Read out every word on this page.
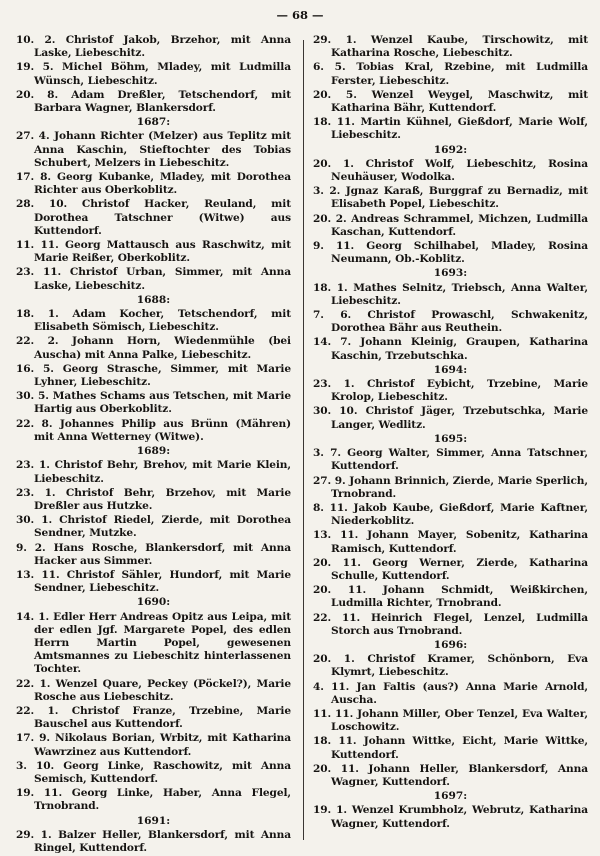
— 68 —
10. 2. Christof Jakob, Brzehor, mit Anna Laske, Liebeschitz.
19. 5. Michel Böhm, Mladey, mit Ludmilla Wünsch, Liebeschitz.
20. 8. Adam Dreßler, Tetschendorf, mit Barbara Wagner, Blankersdorf.
1687:
27. 4. Johann Richter (Melzer) aus Teplitz mit Anna Kaschin, Stieftochter des Tobias Schubert, Melzers in Liebeschitz.
17. 8. Georg Kubanke, Mladey, mit Dorothea Richter aus Oberkoblitz.
28. 10. Christof Hacker, Reuland, mit Dorothea Tatschner (Witwe) aus Kuttendorf.
11. 11. Georg Mattausch aus Raschwitz, mit Marie Reißer, Oberkoblitz.
23. 11. Christof Urban, Simmer, mit Anna Laske, Liebeschitz.
1688:
18. 1. Adam Kocher, Tetschendorf, mit Elisabeth Sömisch, Liebeschitz.
22. 2. Johann Horn, Wiedenmühle (bei Auscha) mit Anna Palke, Liebeschitz.
16. 5. Georg Strasche, Simmer, mit Marie Lyhner, Liebeschitz.
30. 5. Mathes Schams aus Tetschen, mit Marie Hartig aus Oberkoblitz.
22. 8. Johannes Philip aus Brünn (Mähren) mit Anna Wetterney (Witwe).
1689:
23. 1. Christof Behr, Brehov, mit Marie Klein, Liebeschitz.
23. 1. Christof Behr, Brzehov, mit Marie Dreßler aus Hutzke.
30. 1. Christof Riedel, Zierde, mit Dorothea Sendner, Mutzke.
9. 2. Hans Rosche, Blankersdorf, mit Anna Hacker aus Simmer.
13. 11. Christof Sähler, Hundorf, mit Marie Sendner, Liebeschitz.
1690:
14. 1. Edler Herr Andreas Opitz aus Leipa, mit der edlen Jgf. Margarete Popel, des edlen Herrn Martin Popel, gewesenen Amtsmannes zu Liebeschitz hinterlassenen Tochter.
22. 1. Wenzel Quare, Peckey (Pöckel?), Marie Rosche aus Liebeschitz.
22. 1. Christof Franze, Trzebine, Marie Bauschel aus Kuttendorf.
17. 9. Nikolaus Borian, Wrbitz, mit Katharina Wawrzinez aus Kuttendorf.
3. 10. Georg Linke, Raschowitz, mit Anna Semisch, Kuttendorf.
19. 11. Georg Linke, Haber, Anna Flegel, Trnobrand.
1691:
29. 1. Balzer Heller, Blankersdorf, mit Anna Ringel, Kuttendorf.
29. 1. Wenzel Kaube, Tirschowitz, mit Katharina Rosche, Liebeschitz.
6. 5. Tobias Kral, Rzebine, mit Ludmilla Ferster, Liebeschitz.
20. 5. Wenzel Weygel, Maschwitz, mit Katharina Bähr, Kuttendorf.
18. 11. Martin Kühnel, Gießdorf, Marie Wolf, Liebeschitz.
1692:
20. 1. Christof Wolf, Liebeschitz, Rosina Neuhäuser, Wodolka.
3. 2. Jgnaz Karaß, Burggraf zu Bernadiz, mit Elisabeth Popel, Liebeschitz.
20. 2. Andreas Schrammel, Michzen, Ludmilla Kaschan, Kuttendorf.
9. 11. Georg Schilhabel, Mladey, Rosina Neumann, Ob.-Koblitz.
1693:
18. 1. Mathes Selnitz, Triebsch, Anna Walter, Liebeschitz.
7. 6. Christof Prowaschl, Schwakenitz, Dorothea Bähr aus Reuthein.
14. 7. Johann Kleinig, Graupen, Katharina Kaschin, Trzebutschka.
1694:
23. 1. Christof Eybicht, Trzebine, Marie Krolop, Liebeschitz.
30. 10. Christof Jäger, Trzebutschka, Marie Langer, Wedlitz.
1695:
3. 7. Georg Walter, Simmer, Anna Tatschner, Kuttendorf.
27. 9. Johann Brinnich, Zierde, Marie Sperlich, Trnobrand.
8. 11. Jakob Kaube, Gießdorf, Marie Kaftner, Niederkoblitz.
13. 11. Johann Mayer, Sobenitz, Katharina Ramisch, Kuttendorf.
20. 11. Georg Werner, Zierde, Katharina Schulle, Kuttendorf.
20. 11. Johann Schmidt, Weißkirchen, Ludmilla Richter, Trnobrand.
22. 11. Heinrich Flegel, Lenzel, Ludmilla Storch aus Trnobrand.
1696:
20. 1. Christof Kramer, Schönborn, Eva Klymrt, Liebeschitz.
4. 11. Jan Faltis (aus?) Anna Marie Arnold, Auscha.
11. 11. Johann Miller, Ober Tenzel, Eva Walter, Loschowitz.
18. 11. Johann Wittke, Eicht, Marie Wittke, Kuttendorf.
20. 11. Johann Heller, Blankersdorf, Anna Wagner, Kuttendorf.
1697:
19. 1. Wenzel Krumbholz, Webrutz, Katharina Wagner, Kuttendorf.
